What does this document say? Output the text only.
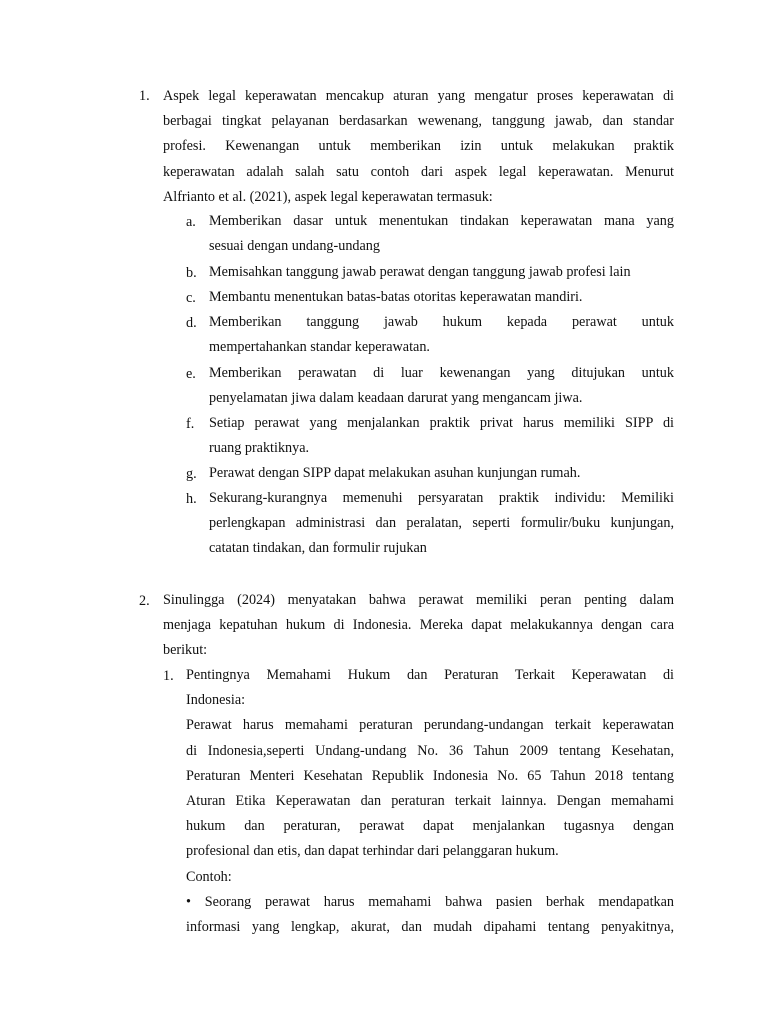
1. Aspek legal keperawatan mencakup aturan yang mengatur proses keperawatan di
berbagai tingkat pelayanan berdasarkan wewenang, tanggung jawab, dan standar
profesi. Kewenangan untuk memberikan izin untuk melakukan praktik
keperawatan adalah salah satu contoh dari aspek legal keperawatan. Menurut
Alfrianto et al. (2021), aspek legal keperawatan termasuk:
a. Memberikan dasar untuk menentukan tindakan keperawatan mana yang
sesuai dengan undang-undang
b. Memisahkan tanggung jawab perawat dengan tanggung jawab profesi lain
c. Membantu menentukan batas-batas otoritas keperawatan mandiri.
d. Memberikan tanggung jawab hukum kepada perawat untuk
mempertahankan standar keperawatan.
e. Memberikan perawatan di luar kewenangan yang ditujukan untuk
penyelamatan jiwa dalam keadaan darurat yang mengancam jiwa.
f. Setiap perawat yang menjalankan praktik privat harus memiliki SIPP di
ruang praktiknya.
g. Perawat dengan SIPP dapat melakukan asuhan kunjungan rumah.
h. Sekurang-kurangnya memenuhi persyaratan praktik individu: Memiliki
perlengkapan administrasi dan peralatan, seperti formulir/buku kunjungan,
catatan tindakan, dan formulir rujukan
2. Sinulingga (2024) menyatakan bahwa perawat memiliki peran penting dalam
menjaga kepatuhan hukum di Indonesia. Mereka dapat melakukannya dengan cara
berikut:
1. Pentingnya Memahami Hukum dan Peraturan Terkait Keperawatan di
Indonesia:
Perawat harus memahami peraturan perundang-undangan terkait keperawatan
di Indonesia,seperti Undang-undang No. 36 Tahun 2009 tentang Kesehatan,
Peraturan Menteri Kesehatan Republik Indonesia No. 65 Tahun 2018 tentang
Aturan Etika Keperawatan dan peraturan terkait lainnya. Dengan memahami
hukum dan peraturan, perawat dapat menjalankan tugasnya dengan
profesional dan etis, dan dapat terhindar dari pelanggaran hukum.
Contoh:
• Seorang perawat harus memahami bahwa pasien berhak mendapatkan
informasi yang lengkap, akurat, dan mudah dipahami tentang penyakitnya,
